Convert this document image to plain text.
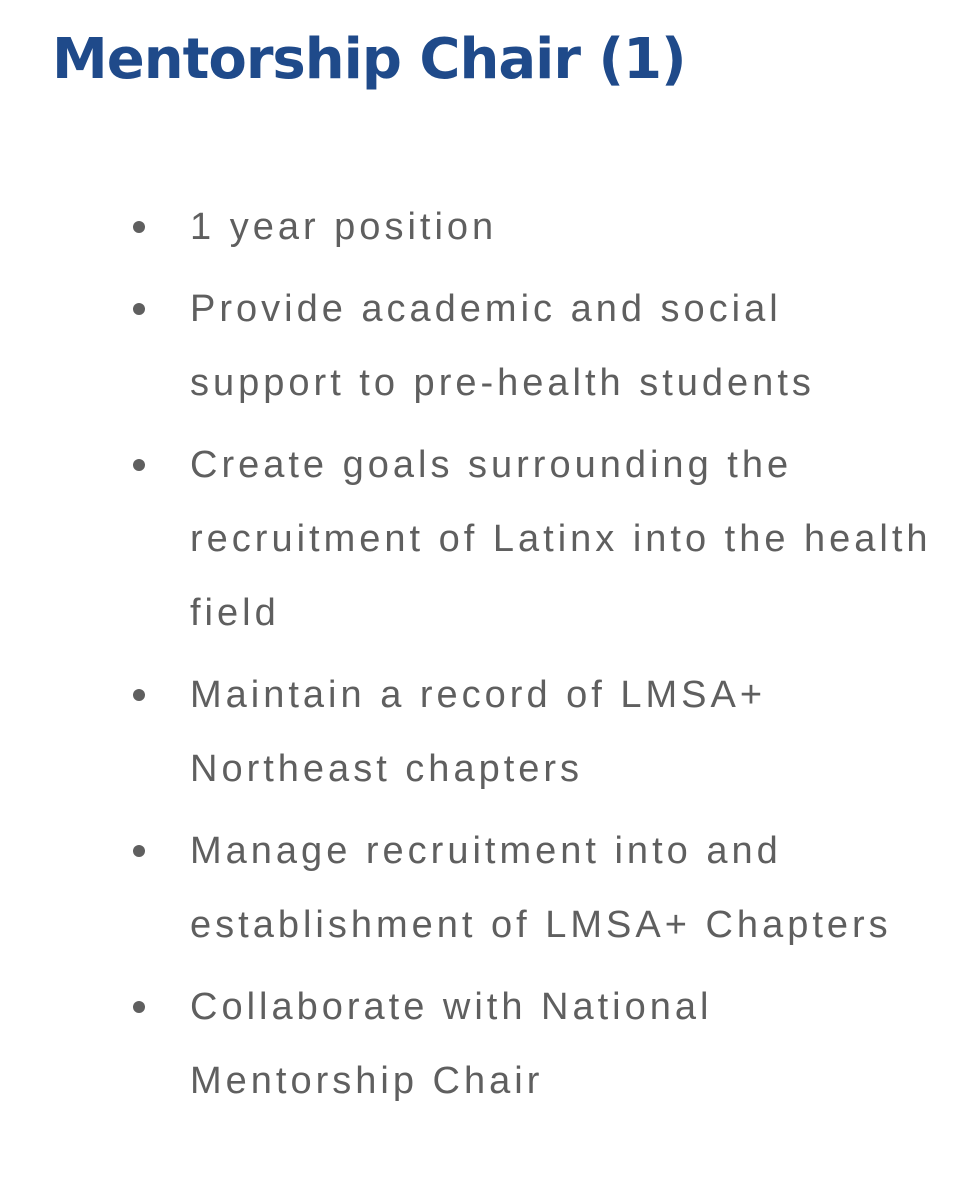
Mentorship Chair (1)
1 year position
Provide academic and social support to pre-health students
Create goals surrounding the recruitment of Latinx into the health field
Maintain a record of LMSA+ Northeast chapters
Manage recruitment into and establishment of LMSA+ Chapters
Collaborate with National Mentorship Chair
